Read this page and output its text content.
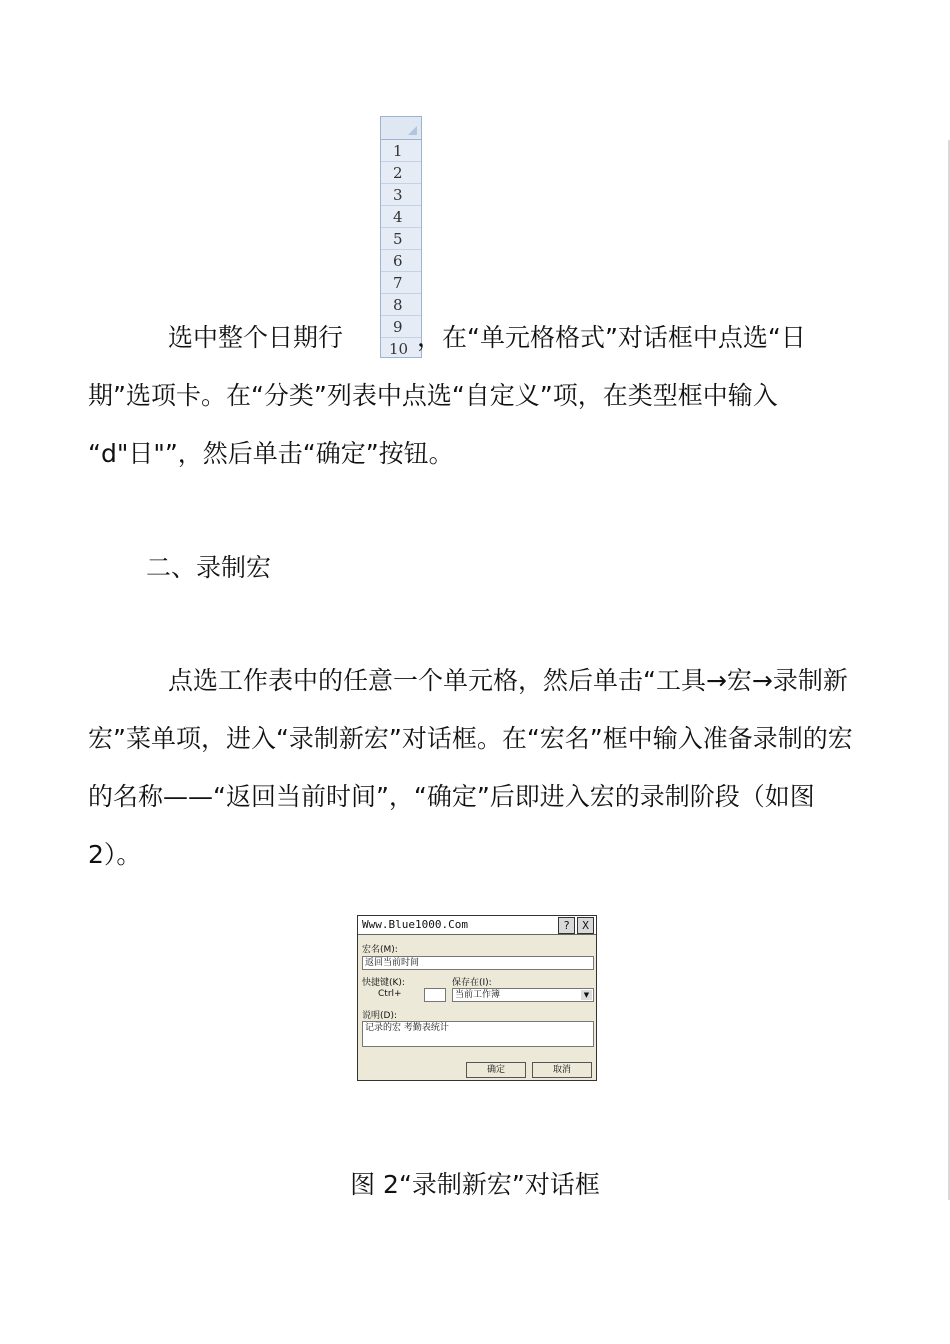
1
2
3
4
5
6
7
8
9
10

选中整个日期行	，在“单元格格式”对话框中点选“日
期”选项卡。在“分类”列表中点选“自定义”项，在类型框中输入
“d"日"”，然后单击“确定”按钮。

二、录制宏

点选工作表中的任意一个单元格，然后单击“工具→宏→录制新宏”菜单项，进入“录制新宏”对话框。在“宏名”框中输入准备录制的宏的名称——“返回当前时间”，“确定”后即进入宏的录制阶段（如图 2）。

Www.Blue1000.Com	?	X
宏名(M):
返回当前时间
快捷键(K):
Ctrl+
保存在(I):
当前工作簿	▼
说明(D):
记录的宏 考勤表统计
确定	取消
图 2“录制新宏”对话框
